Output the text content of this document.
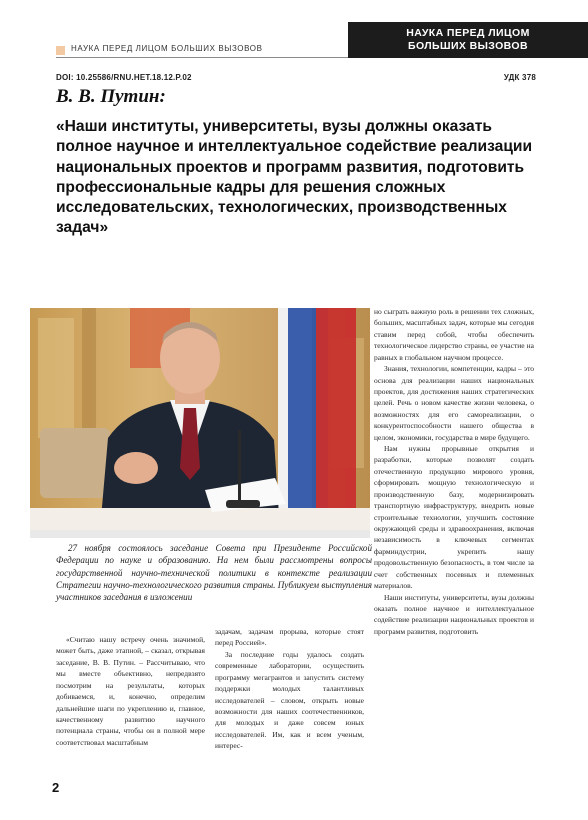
НАУКА ПЕРЕД ЛИЦОМ БОЛЬШИХ ВЫЗОВОВ
НАУКА ПЕРЕД ЛИЦОМ
БОЛЬШИХ ВЫЗОВОВ
DOI: 10.25586/RNU.HET.18.12.P.02	УДК 378
В. В. Путин:
«Наши институты, университеты, вузы должны оказать полное научное и интеллектуальное содействие реализации национальных проектов и программ развития, подготовить профессиональные кадры для решения сложных исследовательских, технологических, производственных задач»

27 ноября состоялось заседание Совета при Президенте Российской Федерации по науке и образованию. На нем были рассмотрены вопросы государственной научно-технической политики в контексте реализации Стратегии научно-технологического развития страны. Публикуем выступления участников заседания в изложении

«Считаю нашу встречу очень значимой, может быть, даже этапной, – сказал, открывая заседание, В. В. Путин. – Рассчитываю, что мы вместе объективно, непредвзято посмотрим на результаты, которых добиваемся, и, конечно, определим дальнейшие шаги по укреплению и, главное, качественному развитию научного потенциала страны, чтобы он в полной мере соответствовал масштабным

задачам, задачам прорыва, которые стоят перед Россией».

За последние годы удалось создать современные лаборатории, осуществить программу мегагрантов и запустить систему поддержки молодых талантливых исследователей – словом, открыть новые возможности для наших соотечественников, для молодых и даже совсем юных исследователей. Им, как и всем ученым, интерес-

но сыграть важную роль в решении тех сложных, больших, масштабных задач, которые мы сегодня ставим перед собой, чтобы обеспечить технологическое лидерство страны, ее участие на равных в глобальном научном процессе.

Знания, технологии, компетенции, кадры – это основа для реализации наших национальных проектов, для достижения наших стратегических целей. Речь о новом качестве жизни человека, о возможностях для его самореализации, о конкурентоспособности нашего общества в целом, экономики, государства в мире будущего.

Нам нужны прорывные открытия и разработки, которые позволят создать отечественную продукцию мирового уровня, сформировать мощную технологическую и производственную базу, модернизировать транспортную инфраструктуру, внедрить новые строительные технологии, улучшить состояние окружающей среды и здравоохранения, включая независимость в ключевых сегментах фарминдустрии, укрепить нашу продовольственную безопасность, в том числе за счет собственных посевных и племенных материалов.

Наши институты, университеты, вузы должны оказать полное научное и интеллектуальное содействие реализации национальных проектов и программ развития, подготовить

2
